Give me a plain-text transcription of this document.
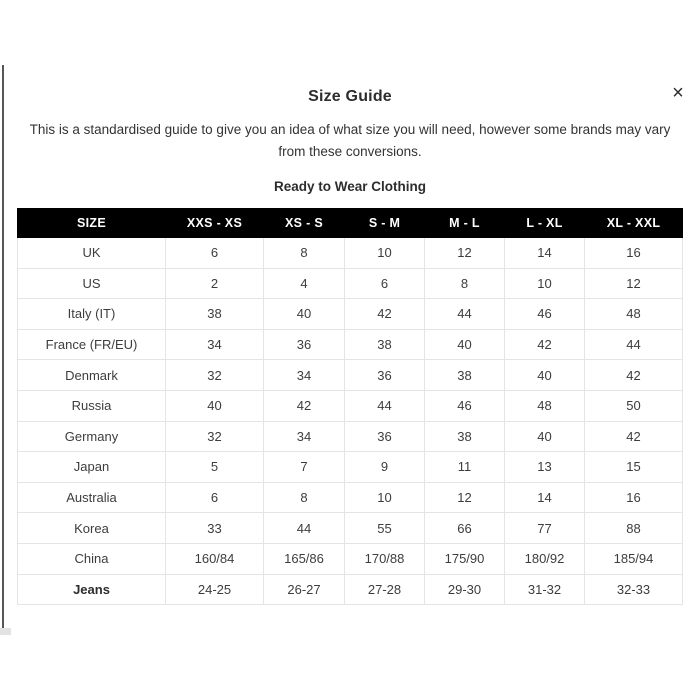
×
Size Guide

This is a standardised guide to give you an idea of what size you will need, however some brands may vary from these conversions.

Ready to Wear Clothing
SIZE	XXS - XS	XS - S	S - M	M - L	L - XL	XL - XXL
UK	6	8	10	12	14	16
US	2	4	6	8	10	12
Italy (IT)	38	40	42	44	46	48
France (FR/EU)	34	36	38	40	42	44
Denmark	32	34	36	38	40	42
Russia	40	42	44	46	48	50
Germany	32	34	36	38	40	42
Japan	5	7	9	11	13	15
Australia	6	8	10	12	14	16
Korea	33	44	55	66	77	88
China	160/84	165/86	170/88	175/90	180/92	185/94
Jeans	24-25	26-27	27-28	29-30	31-32	32-33
